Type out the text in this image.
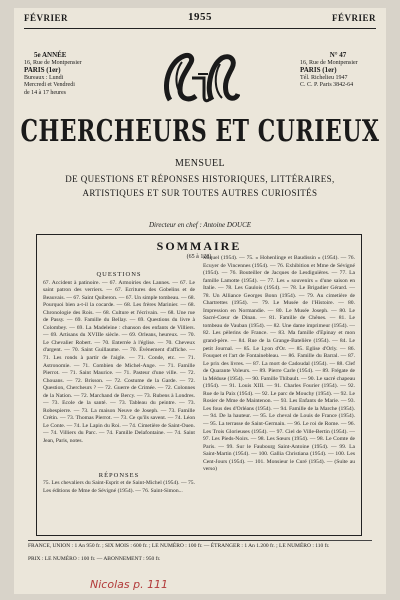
FÉVRIER	1955	FÉVRIER
5e ANNÉE
16, Rue de Montpensier
PARIS (1er)
Bureaux : Lundi
Mercredi et Vendredi
de 14 à 17 heures
N° 47
16, Rue de Montpensier
PARIS (1er)
Tél. Richelieu 1947
C. C. P. Paris 3842-64
CHERCHEURS ET CURIEUX
MENSUEL
DE QUESTIONS ET RÉPONSES HISTORIQUES, LITTÉRAIRES,
ARTISTIQUES ET SUR TOUTES AUTRES CURIOSITÉS
Directeur en chef : Antoine DOUCE
SOMMAIRE
(65 à 128)
QUESTIONS
67. Accident à patinoire. — 67. Armoiries des Lannes. — 67. Le saint patron des verriers. — 67. Ecritures des Gobelins et de Beauvais. — 67. Saint Quiberon. — 67. Un simple tombeau. — 68. Pourquoi bien a-t-il la cocarde. — 68. Les frères Marinier. — 68. Chronologie des Rois. — 68. Culture et l'écrivain. — 68. Une rue de Passy. — 69. Famille du Bellay. — 69. Questions du livre à Colombey. — 69. La Madeleine : chanson des enfants de Villiers. — 69. Artisans du XVIIIe siècle. — 69. Orleans, heureux. — 70. Le Chevalier Robert. — 70. Enterrée à l'église. — 70. Cheveux d'argent. — 70. Saint Guillaume. — 70. Évènement d'affiche. — 71. Les ronds à partir de l'aigle. — 71. Conde, etc. — 71. Astronomie. — 71. Combien de Michel-Ange. — 71. Famille Pierrot. — 71. Saint Maurice. — 71. Pasteur d'une ville. — 72. Chouans. — 72. Brisson. — 72. Costume de la Garde. — 72. Question, Chercheurs ? — 72. Guerre de Crimée. — 72. Colonnes de la Nation. — 72. Marchand de Bercy. — 73. Rubens à Londres. — 73. Ecole de la santé. — 73. Tableau du peintre. — 73. Robespierre. — 73. La maison Neuve de Joseph. — 73. Famille Crétin. — 73. Thomas Pierrot. — 73. Ce qu'ils savent. — 74. Léon Le Conte. — 74. Le Lapin du Roi. — 74. Cimetière de Saint-Ouen. — 74. Villiers du Parc. — 74. Famille Delafontaine. — 74. Saint Jean, Paris, notes.
RÉPONSES
75. Les chevaliers du Saint-Esprit et de Saint-Michel (1954). — 75. Les éditions de Mme de Sévigné (1954). — 76. Saint-Simon...
Miquel (1954). — 75. « Hohenlinge et Baudissin » (1954). — 76. Ecuyer de Vincennes (1954). — 76. Exhibition et Mme de Sévigné (1954). — 76. Bouteiller de Jacques de Lesdiguières. — 77. La famille Lamotte (1954). — 77. Les « souvenirs » d'une saison en Italie. — 78. Les Gaulois (1954). — 78. Le Brigadier Gérard. — 78. Un Alliance Georges Bonn (1954). — 79. Au cimetière de Chartrettes (1954). — 79. Le Musée de l'Histoire. — 80. Impression en Normandie. — 80. Le Musée Joseph. — 80. Le Sacré-Cœur de Dinan. — 81. Famille de Chênes. — 81. Le tombeau de Vauban (1954). — 82. Une dame imprimeur (1954). — 82. Les pèlerins de France. — 83. Ma famille d'Epinay et mon grand-père. — 84. Rue de la Grange-Batelière (1954). — 84. Le petit Journal. — 85. Le Lyon d'Or. — 85. Eglise d'Orly. — 86. Fouquet et l'art de Fontainebleau. — 86. Famille du Barral. — 87. Le prix des livres. — 87. La mort de Cadoudal (1954). — 88. Clef de Quarante Voleurs. — 89. Pierre Carle (1954). — 89. Frégate de la Méduse (1954). — 90. Famille Thibault. — 90. Le sacré chapeau (1954). — 91. Louis XIII. — 91. Charles Fourier (1954). — 92. Rue de la Paix (1954). — 92. Le parc de Mouchy (1954). — 92. Le Rosier de Mme de Maintenon. — 93. Les Enfants de Marie. — 93. Les fous des d'Orléans (1954). — 94. Famille de la Marche (1954). — 94. De la hauteur. — 95. Le cheval de Louis de France (1954). — 95. La terrasse de Saint-Germain. — 96. Le roi de Rome. — 96. Les Trois Glorieuses (1954). — 97. Ciel de Ville-Bertin (1954). — 97. Les Pieds-Noirs. — 98. Les Sœurs (1954). — 98. Le Comte de Paris. — 99. Sur le Faubourg Saint-Antoine (1954). — 99. La Saint-Martin (1954). — 100. Gallia Christiana (1954). — 100. Les Cent-Jours (1954). — 101. Monsieur le Curé (1954). — (Suite au verso)
FRANCE, UNION : 1 An 950 fr. ; SIX MOIS : 600 fr. ; LE NUMÉRO : 100 fr. — ÉTRANGER : 1 An 1.200 fr. ; LE NUMÉRO : 110 fr.
PRIX : LE NUMÉRO : 100 fr. — ABONNEMENT : 950 fr.
Nicolas p. 111
